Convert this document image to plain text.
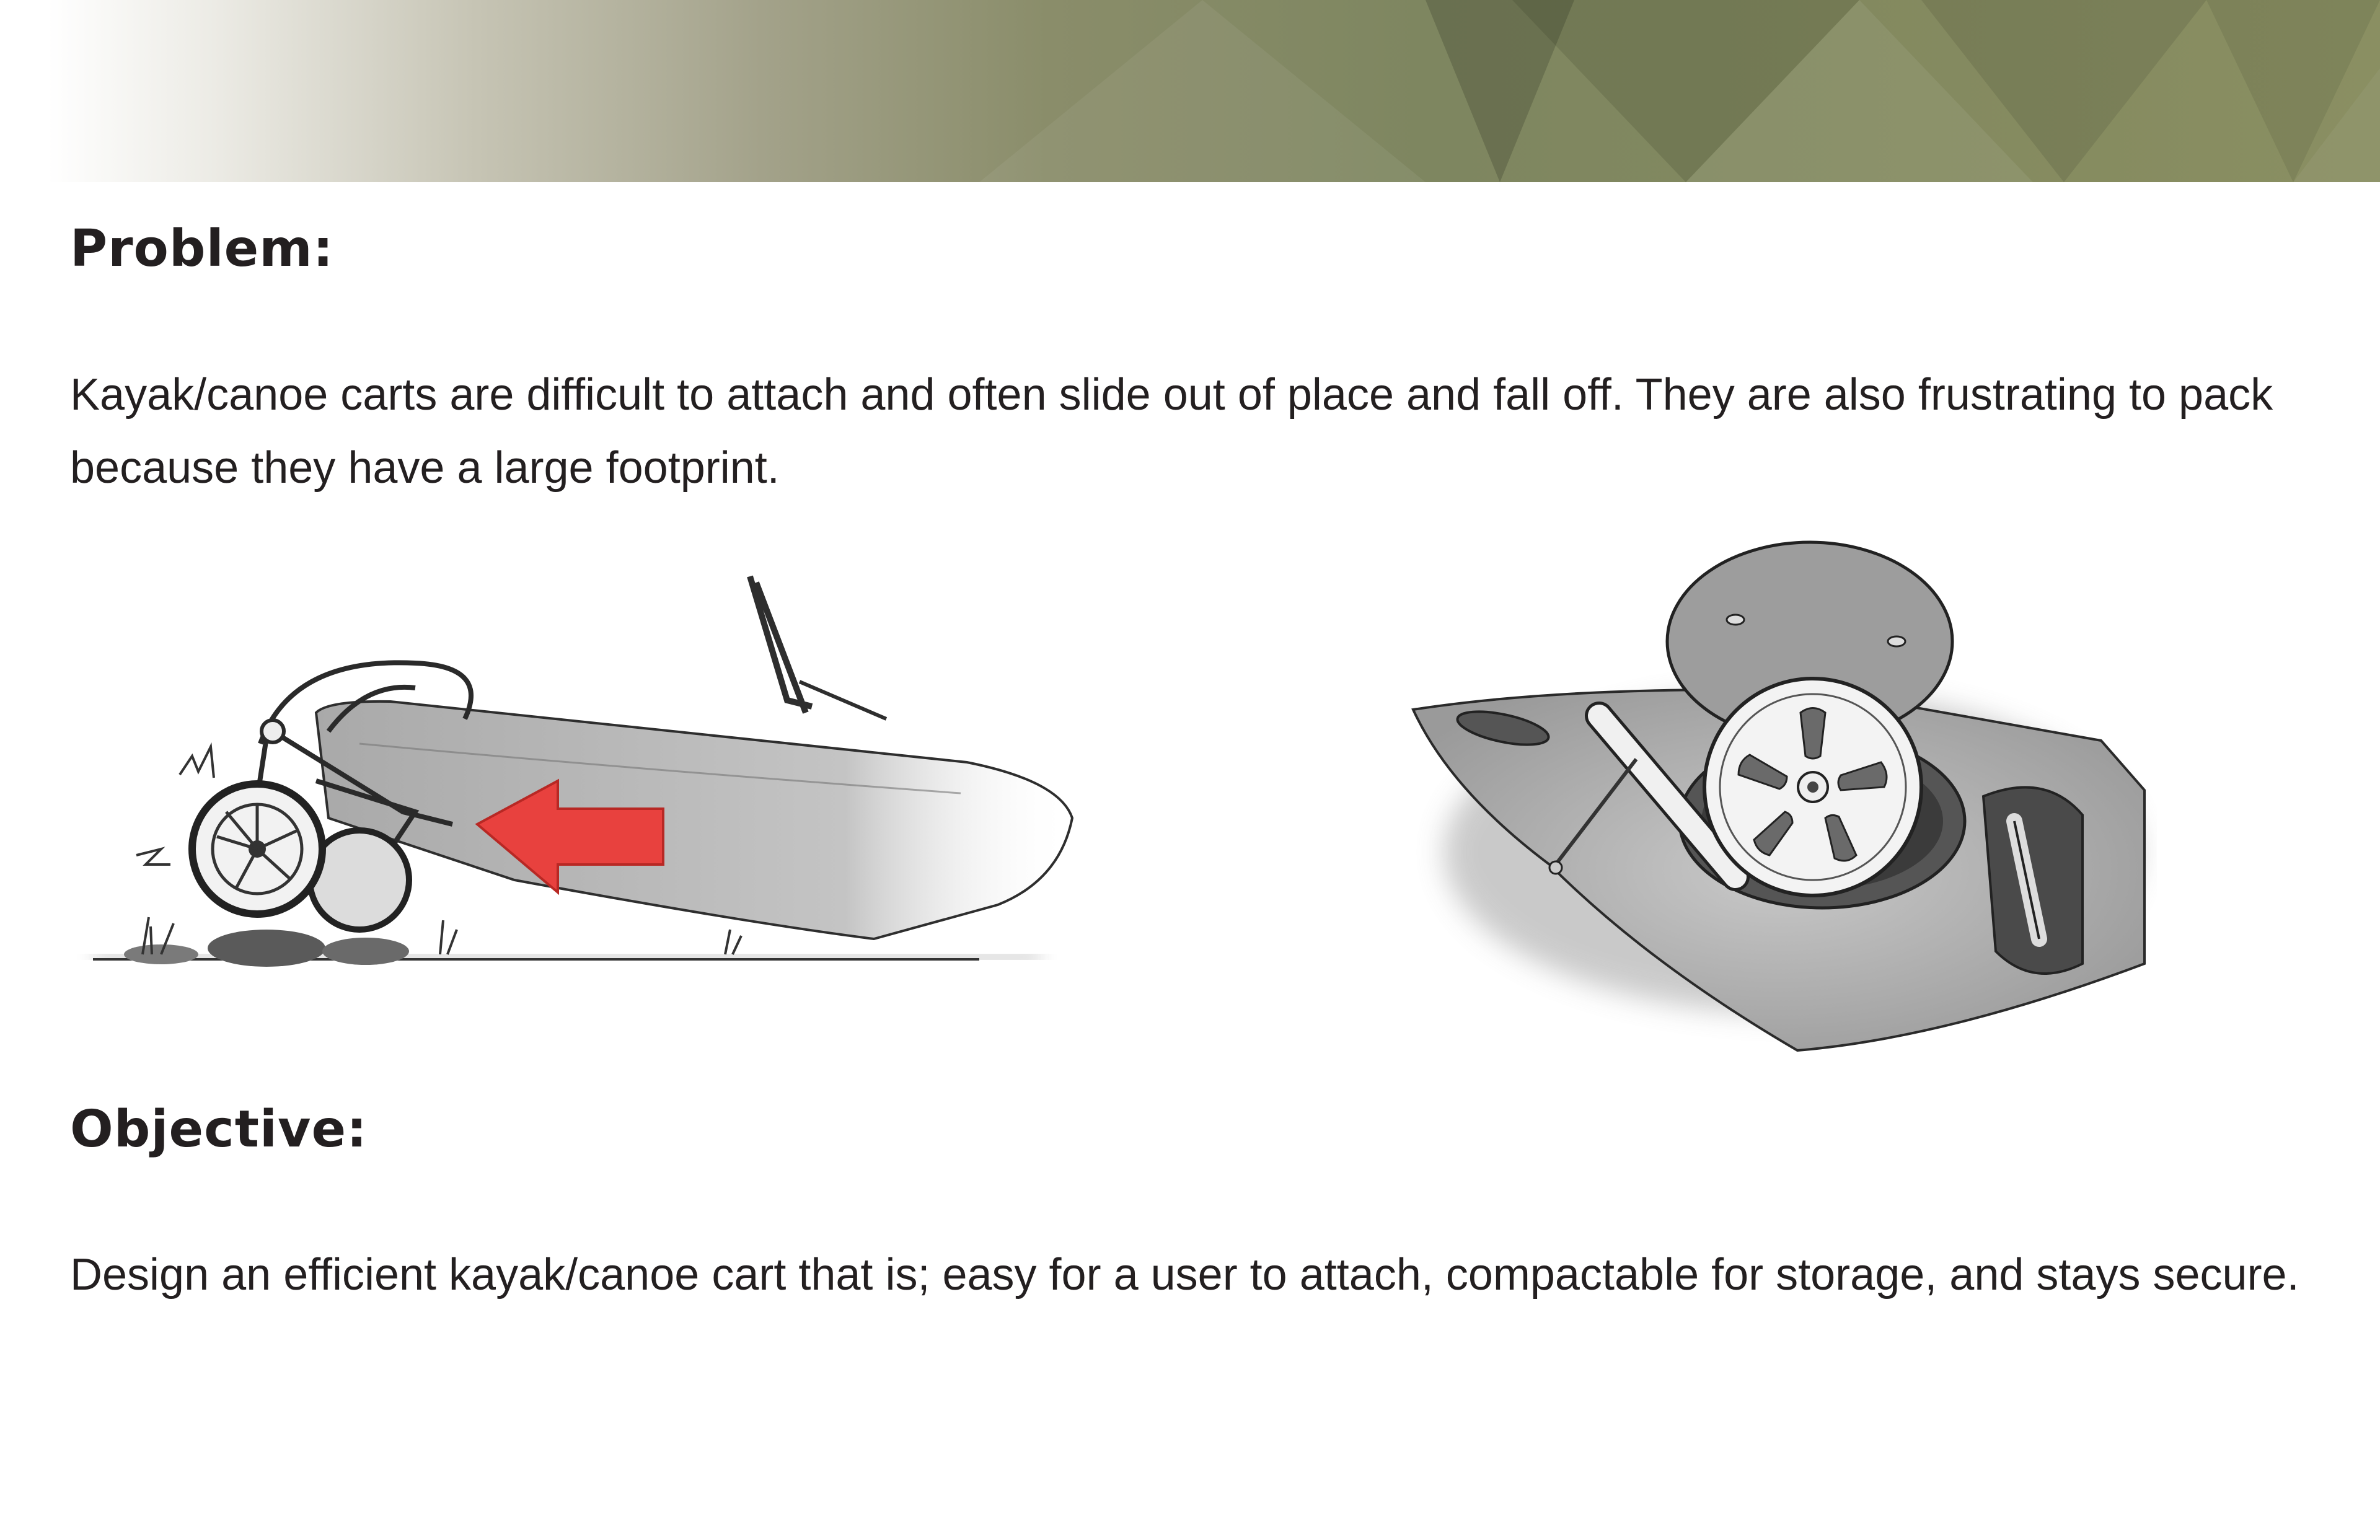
Problem:

Kayak/canoe carts are difficult to attach and often slide out of place and fall off. They are also frustrating to pack because they have a large footprint.

Objective:

Design an efficient kayak/canoe cart that is; easy for a user to attach, compactable for storage, and stays secure.
